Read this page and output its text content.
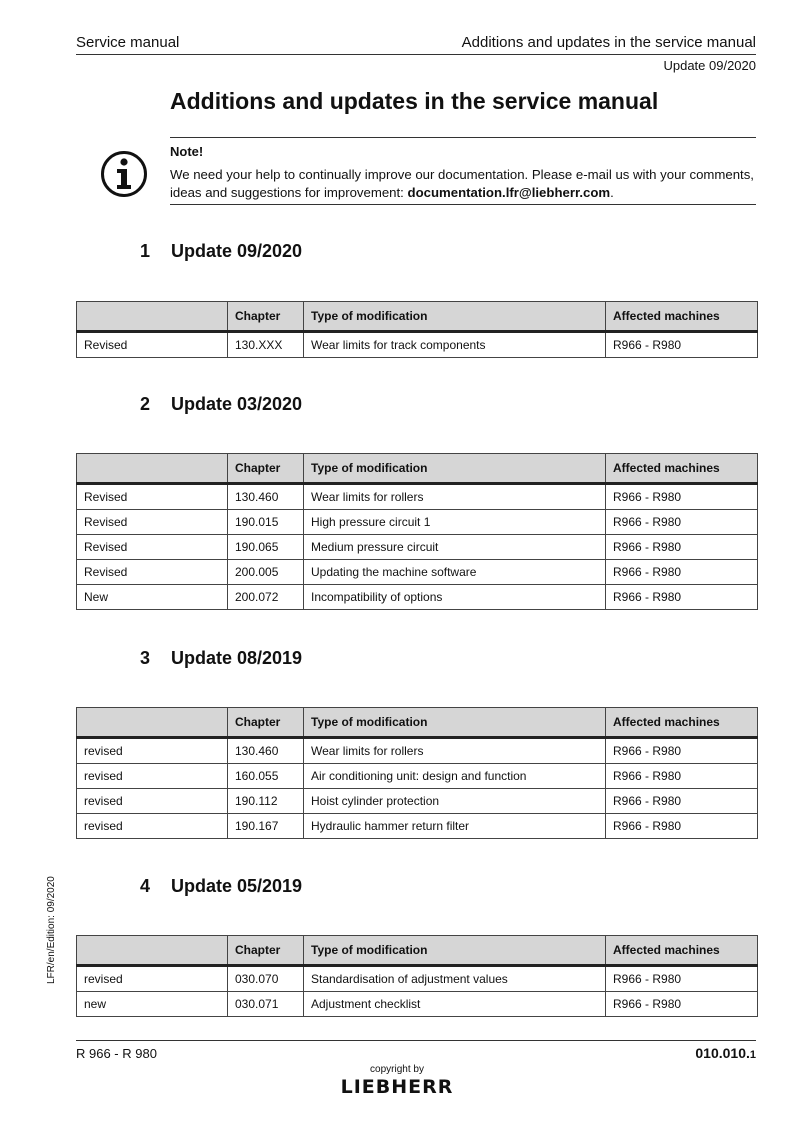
Service manual	Additions and updates in the service manual
Update 09/2020
Additions and updates in the service manual
Note!
We need your help to continually improve our documentation. Please e-mail us with your comments, ideas and suggestions for improvement: documentation.lfr@liebherr.com.
1 Update 09/2020
	Chapter	Type of modification	Affected machines
Revised	130.XXX	Wear limits for track components	R966 - R980
2 Update 03/2020
	Chapter	Type of modification	Affected machines
Revised	130.460	Wear limits for rollers	R966 - R980
Revised	190.015	High pressure circuit 1	R966 - R980
Revised	190.065	Medium pressure circuit	R966 - R980
Revised	200.005	Updating the machine software	R966 - R980
New	200.072	Incompatibility of options	R966 - R980
3 Update 08/2019
	Chapter	Type of modification	Affected machines
revised	130.460	Wear limits for rollers	R966 - R980
revised	160.055	Air conditioning unit: design and function	R966 - R980
revised	190.112	Hoist cylinder protection	R966 - R980
revised	190.167	Hydraulic hammer return filter	R966 - R980
4 Update 05/2019
	Chapter	Type of modification	Affected machines
revised	030.070	Standardisation of adjustment values	R966 - R980
new	030.071	Adjustment checklist	R966 - R980
LFR/en/Edition: 09/2020
R 966 - R 980	010.010.1
copyright by
LIEBHERR
